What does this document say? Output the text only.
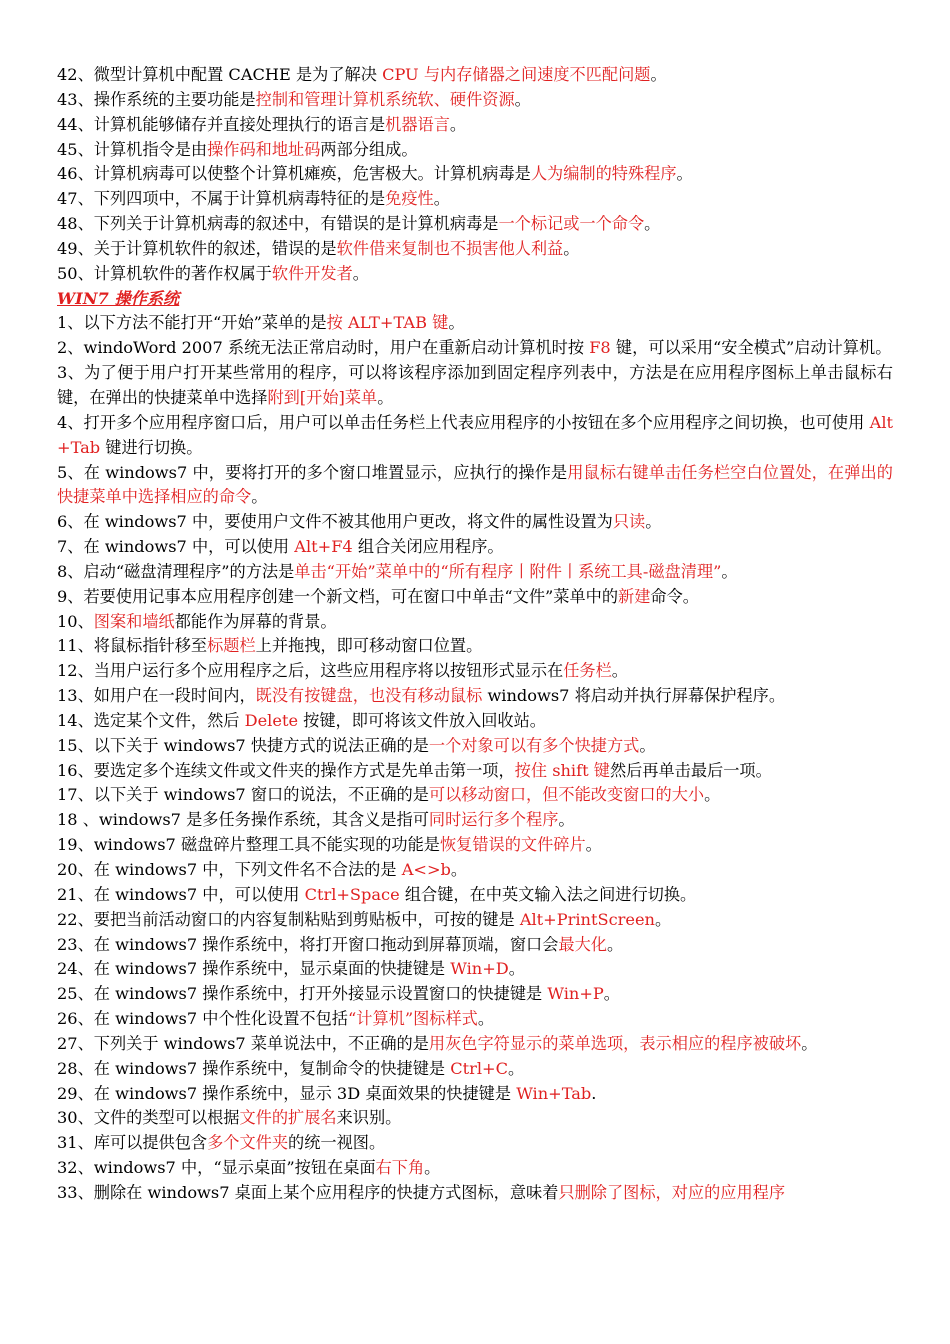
42、微型计算机中配置 CACHE 是为了解决 CPU 与内存储器之间速度不匹配问题。

43、操作系统的主要功能是控制和管理计算机系统软、硬件资源。

44、计算机能够储存并直接处理执行的语言是机器语言。

45、计算机指令是由操作码和地址码两部分组成。

46、计算机病毒可以使整个计算机瘫痪，危害极大。计算机病毒是人为编制的特殊程序。

47、下列四项中，不属于计算机病毒特征的是免疫性。

48、下列关于计算机病毒的叙述中，有错误的是计算机病毒是一个标记或一个命令。

49、关于计算机软件的叙述，错误的是软件借来复制也不损害他人利益。

50、计算机软件的著作权属于软件开发者。

WIN7 操作系统

1、以下方法不能打开“开始”菜单的是按 ALT+TAB 键。

2、windoWord 2007 系统无法正常启动时，用户在重新启动计算机时按 F8 键，可以采用“安全模式”启动计算机。

3、为了便于用户打开某些常用的程序，可以将该程序添加到固定程序列表中，方法是在应用程序图标上单击鼠标右键，在弹出的快捷菜单中选择附到[开始]菜单。

4、打开多个应用程序窗口后，用户可以单击任务栏上代表应用程序的小按钮在多个应用程序之间切换，也可使用 Alt+Tab 键进行切换。

5、在 windows7 中，要将打开的多个窗口堆置显示，应执行的操作是用鼠标右键单击任务栏空白位置处，在弹出的快捷菜单中选择相应的命令。

6、在 windows7 中，要使用户文件不被其他用户更改，将文件的属性设置为只读。

7、在 windows7 中，可以使用 Alt+F4 组合关闭应用程序。

8、启动“磁盘清理程序”的方法是单击“开始”菜单中的“所有程序丨附件丨系统工具-磁盘清理”。

9、若要使用记事本应用程序创建一个新文档，可在窗口中单击“文件”菜单中的新建命令。

10、图案和墙纸都能作为屏幕的背景。

11、将鼠标指针移至标题栏上并拖拽，即可移动窗口位置。

12、当用户运行多个应用程序之后，这些应用程序将以按钮形式显示在任务栏。

13、如用户在一段时间内，既没有按键盘，也没有移动鼠标 windows7 将启动并执行屏幕保护程序。

14、选定某个文件，然后 Delete 按键，即可将该文件放入回收站。

15、以下关于 windows7 快捷方式的说法正确的是一个对象可以有多个快捷方式。

16、要选定多个连续文件或文件夹的操作方式是先单击第一项，按住 shift 键然后再单击最后一项。

17、以下关于 windows7 窗口的说法，不正确的是可以移动窗口，但不能改变窗口的大小。

18 、windows7 是多任务操作系统，其含义是指可同时运行多个程序。

19、windows7 磁盘碎片整理工具不能实现的功能是恢复错误的文件碎片。

20、在 windows7 中，下列文件名不合法的是 A<>b。

21、在 windows7 中，可以使用 Ctrl+Space 组合键，在中英文输入法之间进行切换。

22、要把当前活动窗口的内容复制粘贴到剪贴板中，可按的键是 Alt+PrintScreen。

23、在 windows7 操作系统中，将打开窗口拖动到屏幕顶端，窗口会最大化。

24、在 windows7 操作系统中，显示桌面的快捷键是 Win+D。

25、在 windows7 操作系统中，打开外接显示设置窗口的快捷键是 Win+P。

26、在 windows7 中个性化设置不包括“计算机”图标样式。

27、下列关于 windows7 菜单说法中，不正确的是用灰色字符显示的菜单选项，表示相应的程序被破坏。

28、在 windows7 操作系统中，复制命令的快捷键是 Ctrl+C。

29、在 windows7 操作系统中，显示 3D 桌面效果的快捷键是 Win+Tab.

30、文件的类型可以根据文件的扩展名来识别。

31、库可以提供包含多个文件夹的统一视图。

32、windows7 中，“显示桌面”按钮在桌面右下角。

33、删除在 windows7 桌面上某个应用程序的快捷方式图标，意味着只删除了图标，对应的应用程序
